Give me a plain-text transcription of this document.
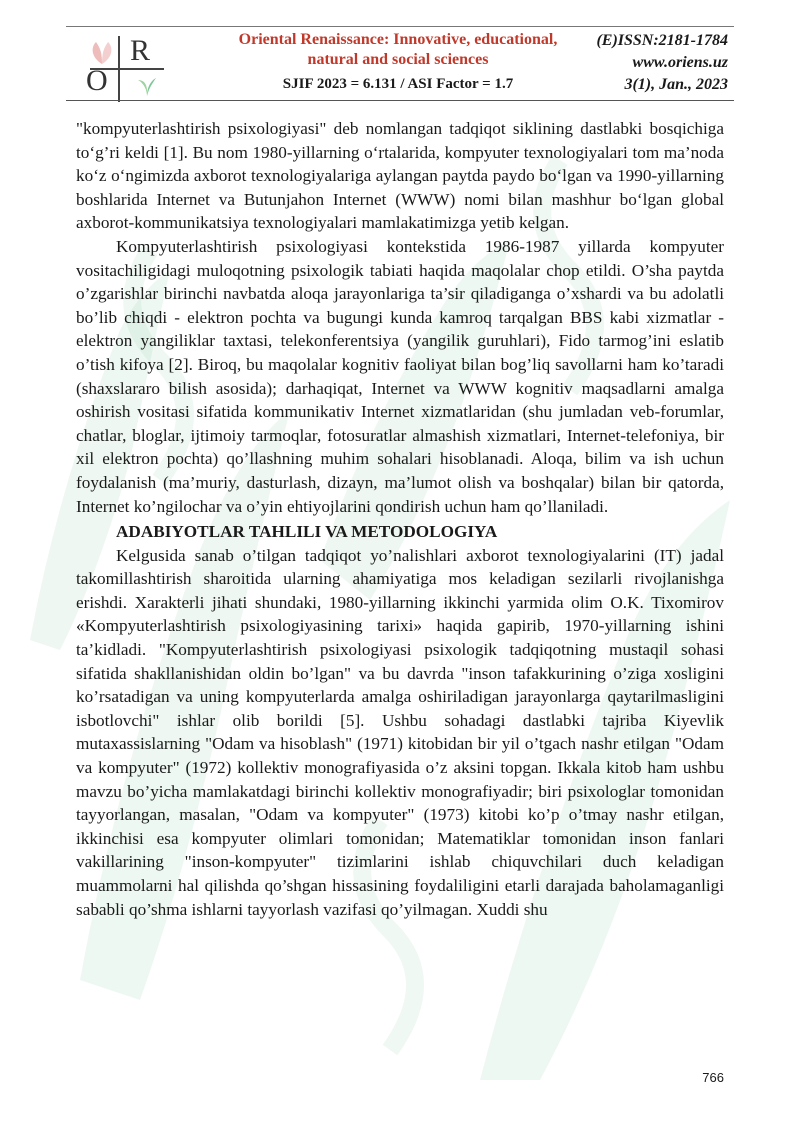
O
R	Oriental Renaissance: Innovative, educational, natural and social sciences
SJIF 2023 = 6.131 / ASI Factor = 1.7
(E)ISSN:2181-1784
www.oriens.uz
3(1), Jan., 2023

"kompyuterlashtirish psixologiyasi" deb nomlangan tadqiqot siklining dastlabki bosqichiga to‘g’ri keldi [1]. Bu nom 1980-yillarning o‘rtalarida, kompyuter texnologiyalari tom ma’noda ko‘z o‘ngimizda axborot texnologiyalariga aylangan paytda paydo bo‘lgan va 1990-yillarning boshlarida Internet va Butunjahon Internet (WWW) nomi bilan mashhur bo‘lgan global axborot-kommunikatsiya texnologiyalari mamlakatimizga yetib kelgan.

Kompyuterlashtirish psixologiyasi kontekstida 1986-1987 yillarda kompyuter vositachiligidagi muloqotning psixologik tabiati haqida maqolalar chop etildi. O’sha paytda o’zgarishlar birinchi navbatda aloqa jarayonlariga ta’sir qiladiganga o’xshardi va bu adolatli bo’lib chiqdi - elektron pochta va bugungi kunda kamroq tarqalgan BBS kabi xizmatlar - elektron yangiliklar taxtasi, telekonferentsiya (yangilik guruhlari), Fido tarmog’ini eslatib o’tish kifoya [2]. Biroq, bu maqolalar kognitiv faoliyat bilan bog’liq savollarni ham ko’taradi (shaxslararo bilish asosida); darhaqiqat, Internet va WWW kognitiv maqsadlarni amalga oshirish vositasi sifatida kommunikativ Internet xizmatlaridan (shu jumladan veb-forumlar, chatlar, bloglar, ijtimoiy tarmoqlar, fotosuratlar almashish xizmatlari, Internet-telefoniya, bir xil elektron pochta) qo’llashning muhim sohalari hisoblanadi. Aloqa, bilim va ish uchun foydalanish (ma’muriy, dasturlash, dizayn, ma’lumot olish va boshqalar) bilan bir qatorda, Internet ko’ngilochar va o’yin ehtiyojlarini qondirish uchun ham qo’llaniladi.

ADABIYOTLAR TAHLILI VA METODOLOGIYA

Kelgusida sanab o’tilgan tadqiqot yo’nalishlari axborot texnologiyalarini (IT) jadal takomillashtirish sharoitida ularning ahamiyatiga mos keladigan sezilarli rivojlanishga erishdi. Xarakterli jihati shundaki, 1980-yillarning ikkinchi yarmida olim O.K. Tixomirov «Kompyuterlashtirish psixologiyasining tarixi» haqida gapirib, 1970-yillarning ishini ta’kidladi. "Kompyuterlashtirish psixologiyasi psixologik tadqiqotning mustaqil sohasi sifatida shakllanishidan oldin bo’lgan" va bu davrda "inson tafakkurining o’ziga xosligini ko’rsatadigan va uning kompyuterlarda amalga oshiriladigan jarayonlarga qaytarilmasligini isbotlovchi" ishlar olib borildi [5]. Ushbu sohadagi dastlabki tajriba Kiyevlik mutaxassislarning "Odam va hisoblash" (1971) kitobidan bir yil o’tgach nashr etilgan "Odam va kompyuter" (1972) kollektiv monografiyasida o’z aksini topgan. Ikkala kitob ham ushbu mavzu bo’yicha mamlakatdagi birinchi kollektiv monografiyadir; biri psixologlar tomonidan tayyorlangan, masalan, "Odam va kompyuter" (1973) kitobi ko’p o’tmay nashr etilgan, ikkinchisi esa kompyuter olimlari tomonidan; Matematiklar tomonidan inson fanlari vakillarining "inson-kompyuter" tizimlarini ishlab chiquvchilari duch keladigan muammolarni hal qilishda qo’shgan hissasining foydaliligini etarli darajada baholamaganligi sababli qo’shma ishlarni tayyorlash vazifasi qo’yilmagan. Xuddi shu

766
